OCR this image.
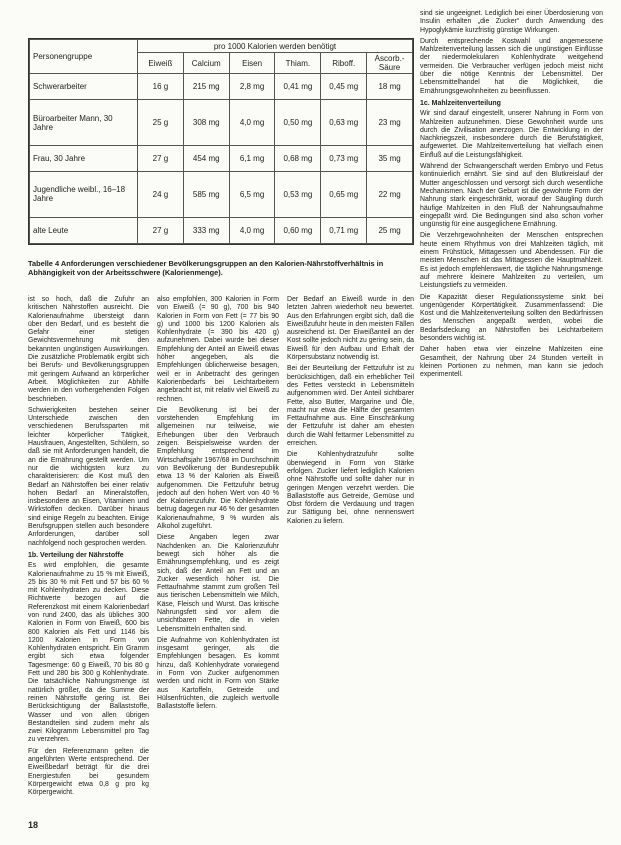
Personengruppe	pro 1000 Kalorien werden benötigt					
	Eiweiß	Calcium	Eisen	Thiam.	Riboff.	Ascorb.-Säure
Schwerarbeiter	16 g	215 mg	2,8 mg	0,41 mg	0,45 mg	18 mg
Büroarbeiter Mann, 30 Jahre	25 g	308 mg	4,0 mg	0,50 mg	0,63 mg	23 mg
Frau, 30 Jahre	27 g	454 mg	6,1 mg	0,68 mg	0,73 mg	35 mg
Jugendliche weibl., 16–18 Jahre	24 g	585 mg	6,5 mg	0,53 mg	0,65 mg	22 mg
alte Leute	27 g	333 mg	4,0 mg	0,60 mg	0,71 mg	25 mg
Tabelle 4 Anforderungen verschiedener Bevölkerungsgruppen an den Kalorien-Nährstoffverhältnis in Abhängigkeit von der Arbeitsschwere (Kalorienmenge).

ist so hoch, daß die Zufuhr an kritischen Nährstoffen ausreicht. Die Kalorienaufnahme übersteigt dann über den Bedarf, und es besteht die Gefahr einer stetigen Gewichtsvermehrung mit den bekannten ungünstigen Auswirkungen. Die zusätzliche Problematik ergibt sich bei Berufs- und Bevölkerungsgruppen mit geringem Aufwand an körperlicher Arbeit. Möglichkeiten zur Abhilfe werden in den vorhergehenden Folgen beschrieben.

Schwierigkeiten bestehen seiner Unterschiede zwischen den verschiedenen Berufssparten mit leichter körperlicher Tätigkeit, Hausfrauen, Angestellten, Schülern, so daß sie mit Anforderungen handelt, die an die Ernährung gestellt werden. Um nur die wichtigsten kurz zu charakterisieren: die Kost muß den Bedarf an Nährstoffen bei einer relativ hohen Bedarf an Mineralstoffen, insbesondere an Eisen, Vitaminen und Wirkstoffen decken. Darüber hinaus sind einige Regeln zu beachten. Einige Berufsgruppen stellen auch besondere Anforderungen, darüber soll nachfolgend noch gesprochen werden.

1b. Verteilung der Nährstoffe

Es wird empfohlen, die gesamte Kalorienaufnahme zu 15 % mit Eiweiß, 25 bis 30 % mit Fett und 57 bis 60 % mit Kohlenhydraten zu decken. Diese Richtwerte bezogen auf die Referenzkost mit einem Kalorienbedarf von rund 2400, das als übliches 300 Kalorien in Form von Eiweiß, 600 bis 800 Kalorien als Fett und 1146 bis 1200 Kalorien in Form von Kohlenhydraten entspricht. Ein Gramm ergibt sich etwa folgender Tagesmenge: 60 g Eiweiß, 70 bis 80 g Fett und 280 bis 300 g Kohlenhydrate. Die tatsächliche Nahrungsmenge ist natürlich größer, da die Summe der reinen Nährstoffe gering ist. Bei Berücksichtigung der Ballaststoffe, Wasser und von allen übrigen Bestandteilen sind zudem mehr als zwei Kilogramm Lebensmittel pro Tag zu verzehren.

Für den Referenzmann gelten die angeführten Werte entsprechend. Der Eiweißbedarf beträgt für die drei Energiestufen bei gesundem Körpergewicht etwa 0,8 g pro kg Körpergewicht.

also empfohlen, 300 Kalorien in Form von Eiweiß (= 90 g), 700 bis 940 Kalorien in Form von Fett (= 77 bis 90 g) und 1000 bis 1200 Kalorien als Kohlenhydrate (= 390 bis 420 g) aufzunehmen. Dabei wurde bei dieser Empfehlung der Anteil an Eiweiß etwas höher angegeben, als die Empfehlungen üblicherweise besagen, weil er in Anbetracht des geringen Kalorienbedarfs bei Leichtarbeitern angebracht ist, mit relativ viel Eiweiß zu rechnen.

Die Bevölkerung ist bei der vorstehenden Empfehlung im allgemeinen nur teilweise, wie Erhebungen über den Verbrauch zeigen. Beispielsweise wurden der Empfehlung entsprechend im Wirtschaftsjahr 1967/68 im Durchschnitt von Bevölkerung der Bundesrepublik etwa 13 % der Kalorien als Eiweiß aufgenommen. Die Fettzufuhr betrug jedoch auf den hohen Wert von 40 % der Kalorienzufuhr. Die Kohlenhydrate betrug dagegen nur 46 % der gesamten Kalorienaufnahme, 9 % wurden als Alkohol zugeführt.

Diese Angaben legen zwar Nachdenken an. Die Kalorienzufuhr bewegt sich höher als die Ernährungsempfehlung, und es zeigt sich, daß der Anteil an Fett und an Zucker wesentlich höher ist. Die Fettaufnahme stammt zum großen Teil aus tierischen Lebensmitteln wie Milch, Käse, Fleisch und Wurst. Das kritische Nahrungsfett sind vor allem die unsichtbaren Fette, die in vielen Lebensmitteln enthalten sind.

Die Aufnahme von Kohlenhydraten ist insgesamt geringer, als die Empfehlungen besagen. Es kommt hinzu, daß Kohlenhydrate vorwiegend in Form von Zucker aufgenommen werden und nicht in Form von Stärke aus Kartoffeln, Getreide und Hülsenfrüchten, die zugleich wertvolle Ballaststoffe liefern.

Der Bedarf an Eiweiß wurde in den letzten Jahren wiederholt neu bewertet. Aus den Erfahrungen ergibt sich, daß die Eiweißzufuhr heute in den meisten Fällen ausreichend ist. Der Eiweißanteil an der Kost sollte jedoch nicht zu gering sein, da Eiweiß für den Aufbau und Erhalt der Körpersubstanz notwendig ist.

Bei der Beurteilung der Fettzufuhr ist zu berücksichtigen, daß ein erheblicher Teil des Fettes versteckt in Lebensmitteln aufgenommen wird. Der Anteil sichtbarer Fette, also Butter, Margarine und Öle, macht nur etwa die Hälfte der gesamten Fettaufnahme aus. Eine Einschränkung der Fettzufuhr ist daher am ehesten durch die Wahl fettarmer Lebensmittel zu erreichen.

Die Kohlenhydratzufuhr sollte überwiegend in Form von Stärke erfolgen. Zucker liefert lediglich Kalorien ohne Nährstoffe und sollte daher nur in geringen Mengen verzehrt werden. Die Ballaststoffe aus Getreide, Gemüse und Obst fördern die Verdauung und tragen zur Sättigung bei, ohne nennenswert Kalorien zu liefern.

sind sie ungeeignet. Lediglich bei einer Überdosierung von Insulin erhalten „die Zucker“ durch Anwendung des Hypoglykämie kurzfristig günstige Wirkungen.

Durch entsprechende Kostwahl und angemessene Mahlzeitenverteilung lassen sich die ungünstigen Einflüsse der niedermolekularen Kohlenhydrate weitgehend vermeiden. Die Verbraucher verfügen jedoch meist nicht über die nötige Kenntnis der Lebensmittel. Der Lebensmittelhandel hat die Möglichkeit, die Ernährungsgewohnheiten zu beeinflussen.

1c. Mahlzeitenverteilung

Wir sind darauf eingestellt, unserer Nahrung in Form von Mahlzeiten aufzunehmen. Diese Gewohnheit wurde uns durch die Zivilisation anerzogen. Die Entwicklung in der Nachkriegszeit, insbesondere durch die Berufstätigkeit, aufgewertet. Die Mahlzeitenverteilung hat vielfach einen Einfluß auf die Leistungsfähigkeit.

Während der Schwangerschaft werden Embryo und Fetus kontinuierlich ernährt. Sie sind auf den Blutkreislauf der Mutter angeschlossen und versorgt sich durch wesentliche Mechanismen. Nach der Geburt ist die gewohnte Form der Nahrung stark eingeschränkt, worauf der Säugling durch häufige Mahlzeiten in den Fluß der Nahrungsaufnahme eingepaßt wird. Die Bedingungen sind also schon vorher ungünstig für eine ausgeglichene Ernährung.

Die Verzehrgewohnheiten der Menschen entsprechen heute einem Rhythmus von drei Mahlzeiten täglich, mit einem Frühstück, Mittagessen und Abendessen. Für die meisten Menschen ist das Mittagessen die Hauptmahlzeit. Es ist jedoch empfehlenswert, die tägliche Nahrungsmenge auf mehrere kleinere Mahlzeiten zu verteilen, um Leistungstiefs zu vermeiden.

Die Kapazität dieser Regulationssysteme sinkt bei ungenügender Körpertätigkeit. Zusammenfassend: Die Kost und die Mahlzeitenverteilung sollten den Bedürfnissen des Menschen angepaßt werden, wobei die Bedarfsdeckung an Nährstoffen bei Leichtarbeitern besonders wichtig ist.

Daher haben etwa vier einzelne Mahlzeiten eine Gesamtheit, der Nahrung über 24 Stunden verteilt in kleinen Portionen zu nehmen, man kann sie jedoch experimentell.

18
